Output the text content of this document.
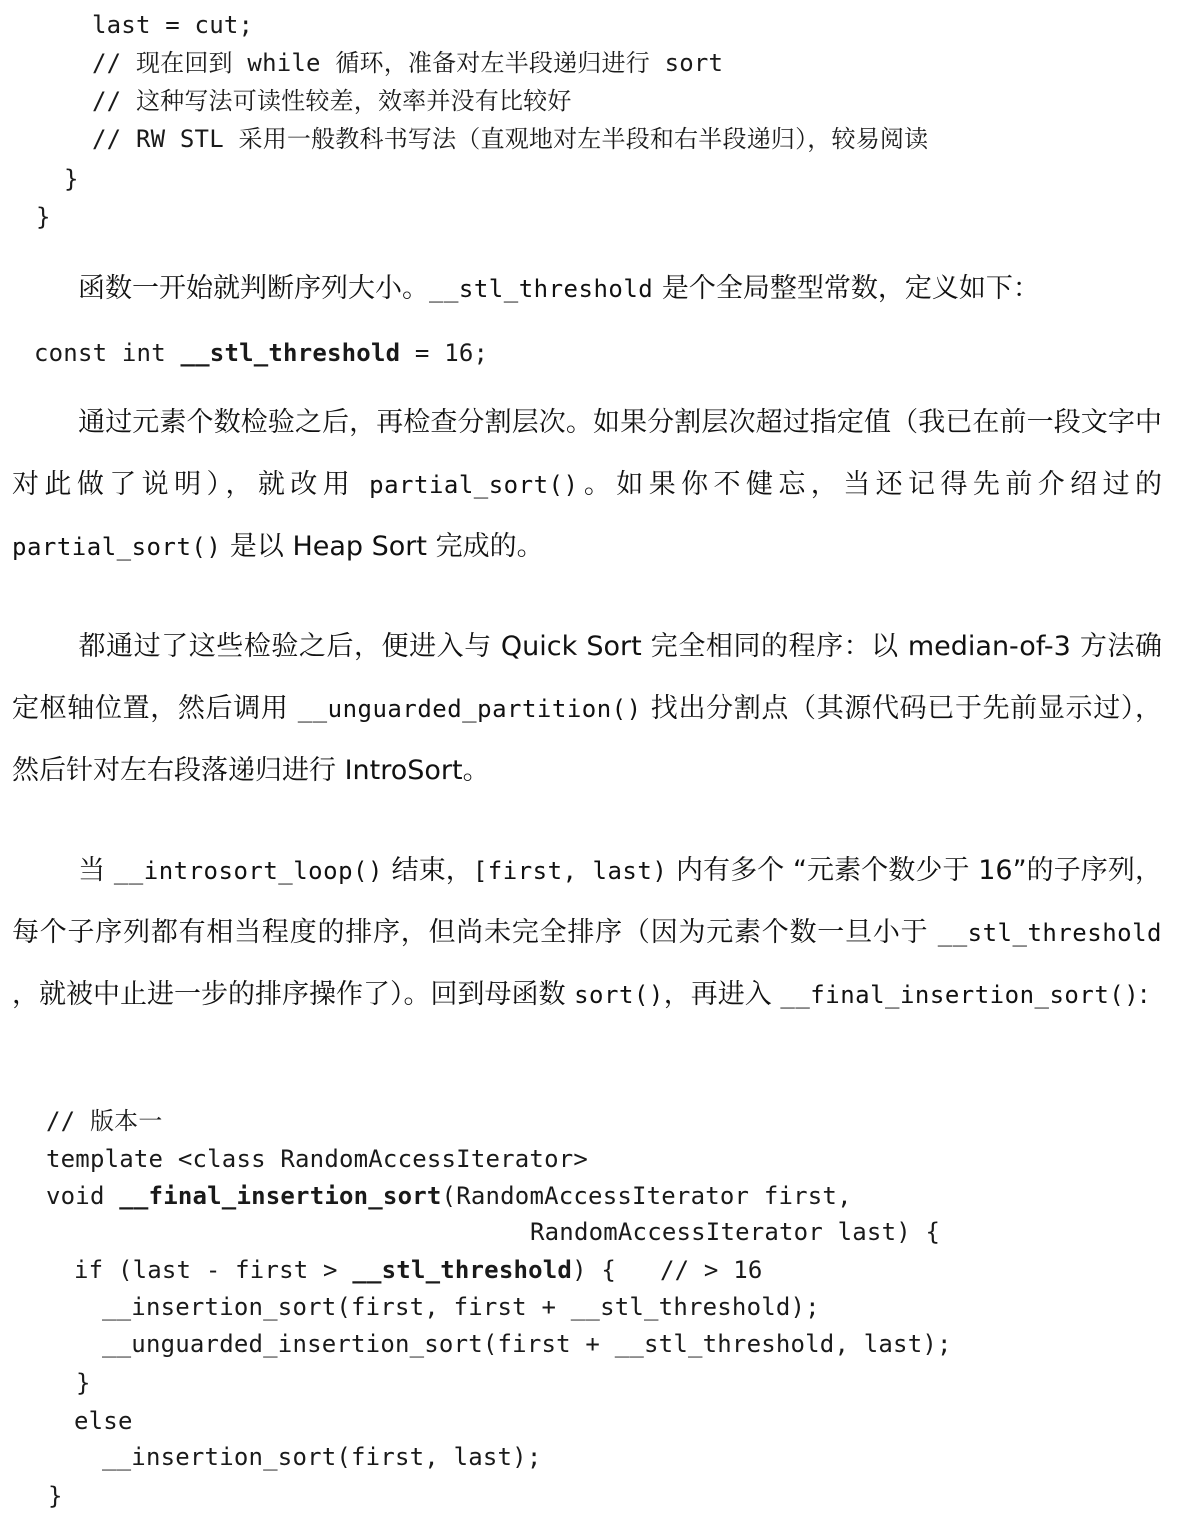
last = cut;
// 现在回到 while 循环，准备对左半段递归进行 sort
// 这种写法可读性较差，效率并没有比较好
// RW STL 采用一般教科书写法（直观地对左半段和右半段递归），较易阅读
}
}
函数一开始就判断序列大小。__stl_threshold 是个全局整型常数，定义如下：
const int __stl_threshold = 16;
通过元素个数检验之后，再检查分割层次。如果分割层次超过指定值（我已在前一段文字中对此做了说明），就改用 partial_sort()。如果你不健忘，当还记得先前介绍过的 partial_sort() 是以 Heap Sort 完成的。
都通过了这些检验之后，便进入与 Quick Sort 完全相同的程序：以 median-of-3 方法确定枢轴位置，然后调用 __unguarded_partition() 找出分割点（其源代码已于先前显示过），然后针对左右段落递归进行 IntroSort。
当 __introsort_loop() 结束，[first, last) 内有多个 “元素个数少于 16”的子序列，每个子序列都有相当程度的排序，但尚未完全排序（因为元素个数一旦小于 __stl_threshold ，就被中止进一步的排序操作了）。回到母函数 sort()，再进入 __final_insertion_sort():
// 版本一
template <class RandomAccessIterator>
void __final_insertion_sort(RandomAccessIterator first,
RandomAccessIterator last) {
if (last - first > __stl_threshold) {   // > 16
__insertion_sort(first, first + __stl_threshold);
__unguarded_insertion_sort(first + __stl_threshold, last);
}
else
__insertion_sort(first, last);
}
